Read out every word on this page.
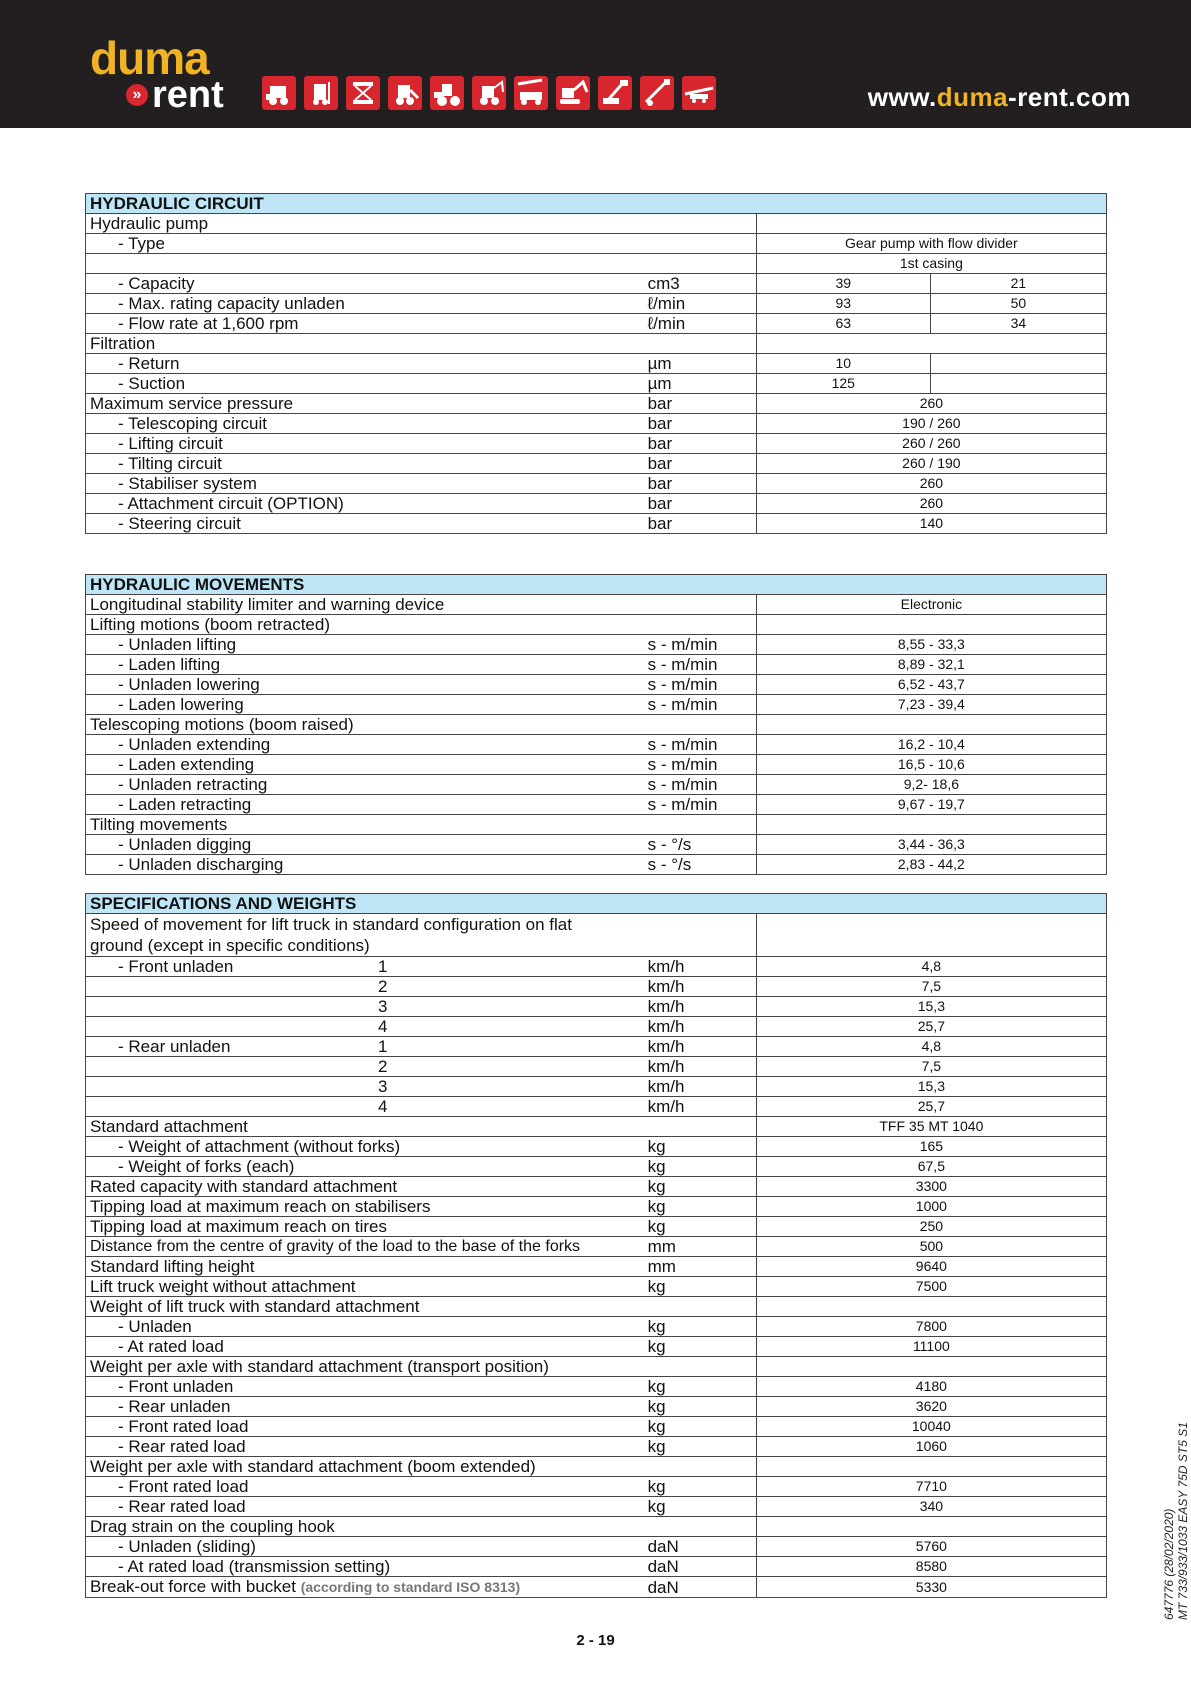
duma
» rent	www.duma-rent.com
HYDRAULIC CIRCUIT			
Hydraulic pump			
- Type		Gear pump with flow divider	
		1st casing	
- Capacity	cm3	39	21
- Max. rating capacity unladen	ℓ/min	93	50
- Flow rate at 1,600 rpm	ℓ/min	63	34
Filtration			
- Return	µm	10	
- Suction	µm	125	
Maximum service pressure	bar	260	
- Telescoping circuit	bar	190 / 260	
- Lifting circuit	bar	260 / 260	
- Tilting circuit	bar	260 / 190	
- Stabiliser system	bar	260	
- Attachment circuit (OPTION)	bar	260	
- Steering circuit	bar	140	
HYDRAULIC MOVEMENTS		
Longitudinal stability limiter and warning device		Electronic
Lifting motions (boom retracted)		
- Unladen lifting	s - m/min	8,55 - 33,3
- Laden lifting	s - m/min	8,89 - 32,1
- Unladen lowering	s - m/min	6,52 - 43,7
- Laden lowering	s - m/min	7,23 - 39,4
Telescoping motions (boom raised)		
- Unladen extending	s - m/min	16,2 - 10,4
- Laden extending	s - m/min	16,5 - 10,6
- Unladen retracting	s - m/min	9,2- 18,6
- Laden retracting	s - m/min	9,67 - 19,7
Tilting movements		
- Unladen digging	s - °/s	3,44 - 36,3
- Unladen discharging	s - °/s	2,83 - 44,2
SPECIFICATIONS AND WEIGHTS		
Speed of movement for lift truck in standard configuration on flat
ground (except in specific conditions)		
- Front unladen 1	km/h	4,8
2	km/h	7,5
3	km/h	15,3
4	km/h	25,7
- Rear unladen 1	km/h	4,8
2	km/h	7,5
3	km/h	15,3
4	km/h	25,7
Standard attachment		TFF 35 MT 1040
- Weight of attachment (without forks)	kg	165
- Weight of forks (each)	kg	67,5
Rated capacity with standard attachment	kg	3300
Tipping load at maximum reach on stabilisers	kg	1000
Tipping load at maximum reach on tires	kg	250
Distance from the centre of gravity of the load to the base of the forks	mm	500
Standard lifting height	mm	9640
Lift truck weight without attachment	kg	7500
Weight of lift truck with standard attachment		
- Unladen	kg	7800
- At rated load	kg	11100
Weight per axle with standard attachment (transport position)		
- Front unladen	kg	4180
- Rear unladen	kg	3620
- Front rated load	kg	10040
- Rear rated load	kg	1060
Weight per axle with standard attachment (boom extended)		
- Front rated load	kg	7710
- Rear rated load	kg	340
Drag strain on the coupling hook		
- Unladen (sliding)	daN	5760
- At rated load (transmission setting)	daN	8580
Break-out force with bucket (according to standard ISO 8313)	daN	5330
2 - 19
647776 (28/02/2020) MT 733/933/1033 EASY 75D ST5 S1
